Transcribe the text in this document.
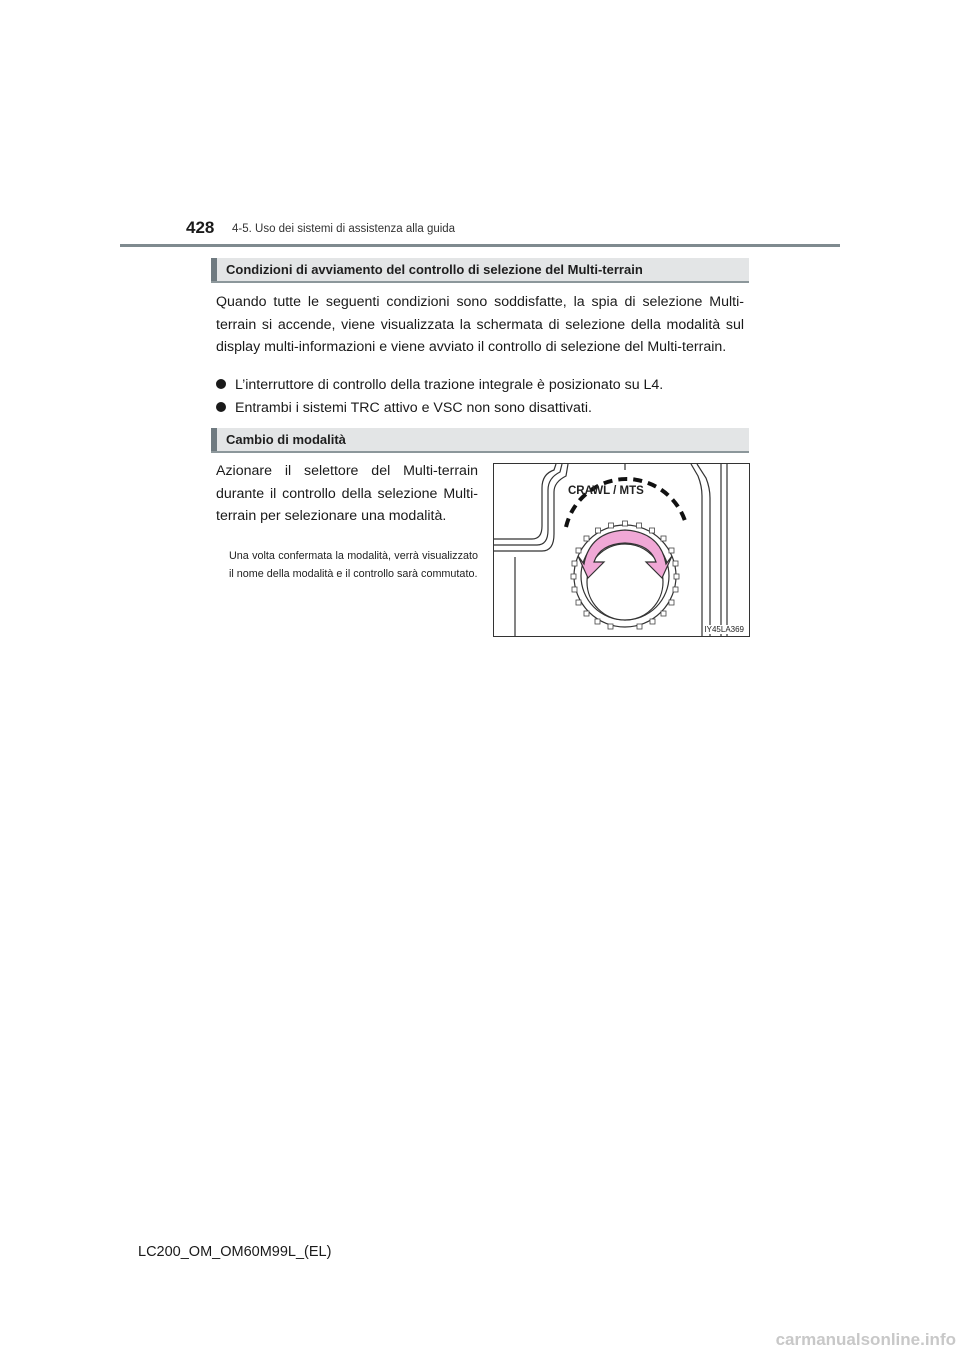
428 4-5. Uso dei sistemi di assistenza alla guida
Condizioni di avviamento del controllo di selezione del Multi-terrain

Quando tutte le seguenti condizioni sono soddisfatte, la spia di selezione Multi-terrain si accende, viene visualizzata la schermata di selezione della modalità sul display multi-informazioni e viene avviato il controllo di selezione del Multi-terrain.

L’interruttore di controllo della trazione integrale è posizionato su L4.
Entrambi i sistemi TRC attivo e VSC non sono disattivati.
Cambio di modalità

Azionare il selettore del Multi-terrain durante il controllo della selezione Multi-terrain per selezionare una modalità.

Una volta confermata la modalità, verrà visualizzato il nome della modalità e il controllo sarà commutato.

CRAWL / MTS
IY45LA369
LC200_OM_OM60M99L_(EL)
carmanualsonline.info
